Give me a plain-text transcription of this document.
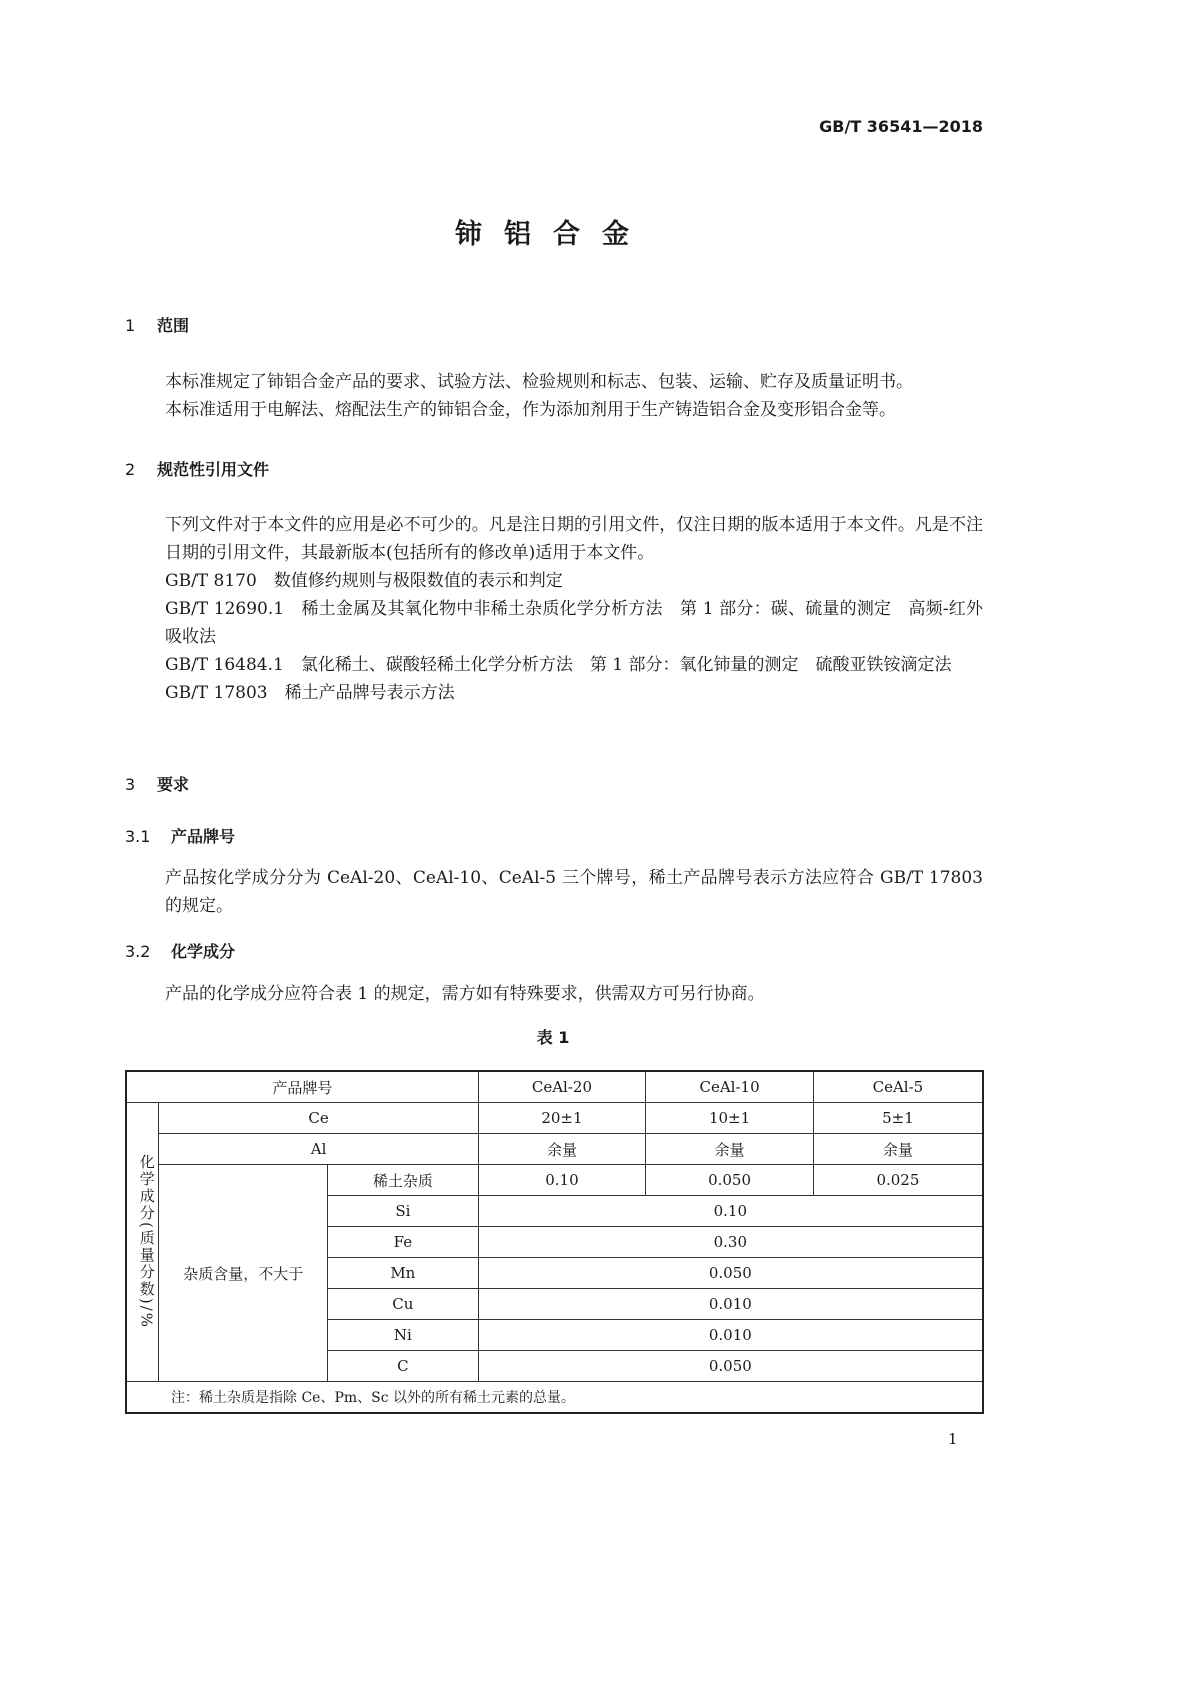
GB/T 36541—2018
铈铝合金
1 范围
本标准规定了铈铝合金产品的要求、试验方法、检验规则和标志、包装、运输、贮存及质量证明书。
本标准适用于电解法、熔配法生产的铈铝合金，作为添加剂用于生产铸造铝合金及变形铝合金等。
2 规范性引用文件
下列文件对于本文件的应用是必不可少的。凡是注日期的引用文件，仅注日期的版本适用于本文件。凡是不注日期的引用文件，其最新版本(包括所有的修改单)适用于本文件。
GB/T 8170　数值修约规则与极限数值的表示和判定
GB/T 12690.1　稀土金属及其氧化物中非稀土杂质化学分析方法　第 1 部分：碳、硫量的测定　高频-红外吸收法
GB/T 16484.1　氯化稀土、碳酸轻稀土化学分析方法　第 1 部分：氧化铈量的测定　硫酸亚铁铵滴定法
GB/T 17803　稀土产品牌号表示方法
3 要求
3.1 产品牌号
产品按化学成分分为 CeAl-20、CeAl-10、CeAl-5 三个牌号，稀土产品牌号表示方法应符合 GB/T 17803 的规定。
3.2 化学成分
产品的化学成分应符合表 1 的规定，需方如有特殊要求，供需双方可另行协商。
表 1
产品牌号			CeAl-20	CeAl-10	CeAl-5

化学成分(质量分数)/%	Ce		20±1	10±1	5±1
	Al		余量	余量	余量
	杂质含量，不大于	稀土杂质	0.10	0.050	0.025
		Si	0.10		
		Fe	0.30		
		Mn	0.050		
		Cu	0.010		
		Ni	0.010		
		C	0.050		
注：稀土杂质是指除 Ce、Pm、Sc 以外的所有稀土元素的总量。					
1
